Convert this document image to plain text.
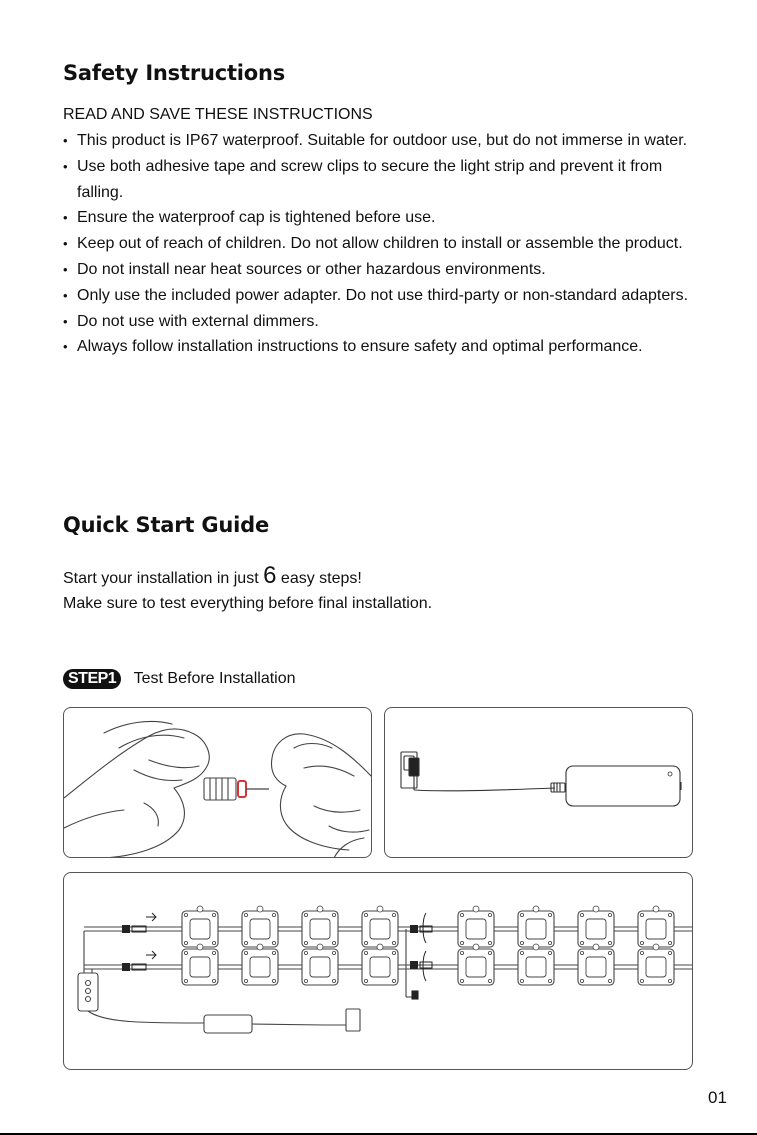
Safety Instructions
READ AND SAVE THESE INSTRUCTIONS
• This product is IP67 waterproof. Suitable for outdoor use, but do not immerse in water.
• Use both adhesive tape and screw clips to secure the light strip and prevent it from falling.
• Ensure the waterproof cap is tightened before use.
• Keep out of reach of children. Do not allow children to install or assemble the product.
• Do not install near heat sources or other hazardous environments.
• Only use the included power adapter. Do not use third-party or non-standard adapters.
• Do not use with external dimmers.
• Always follow installation instructions to ensure safety and optimal performance.
Quick Start Guide
Start your installation in just 6 easy steps!
Make sure to test everything before final installation.
STEP1 Test Before Installation
01
